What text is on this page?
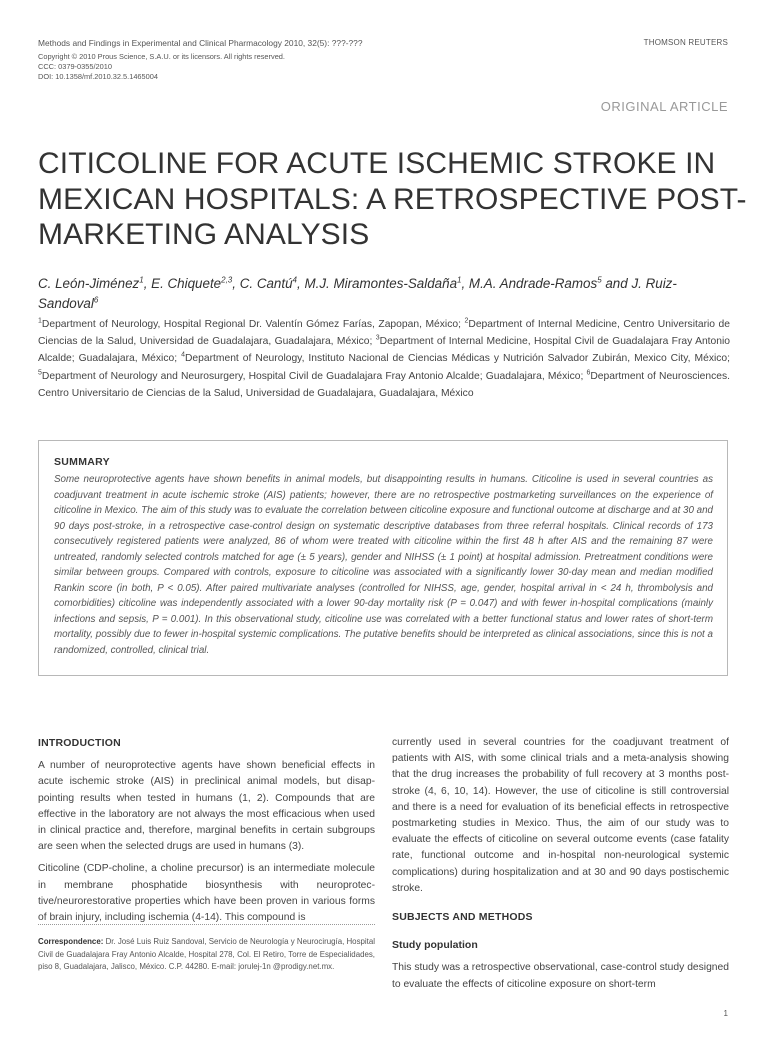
Methods and Findings in Experimental and Clinical Pharmacology 2010, 32(5): ???-???	THOMSON REUTERS
Copyright © 2010 Prous Science, S.A.U. or its licensors. All rights reserved.
CCC: 0379-0355/2010
DOI: 10.1358/mf.2010.32.5.1465004
ORIGINAL ARTICLE
CITICOLINE FOR ACUTE ISCHEMIC STROKE IN
MEXICAN HOSPITALS: A RETROSPECTIVE POST-
MARKETING ANALYSIS
C. León-Jiménez$^1$, E. Chiquete$^{2,3}$, C. Cantú$^4$, M.J. Miramontes-Saldaña$^1$, M.A. Andrade-Ramos$^5$ and J. Ruiz-Sandoval$^6$
$^1$Department of Neurology, Hospital Regional Dr. Valentín Gómez Farías, Zapopan, México; $^2$Department of Internal Medicine, Centro Universitario de Ciencias de la Salud, Universidad de Guadalajara, Guadalajara, México; $^3$Department of Internal Medicine, Hospital Civil de Guadalajara Fray Antonio Alcalde; Guadalajara, México; $^4$Department of Neurology, Instituto Nacional de Ciencias Médicas y Nutrición Salvador Zubirán, Mexico City, México; $^5$Department of Neurology and Neurosurgery, Hospital Civil de Guadalajara Fray Antonio Alcalde; Guadalajara, México; $^6$Department of Neurosciences. Centro Universitario de Ciencias de la Salud, Universidad de Guadalajara, Guadalajara, México
SUMMARY
Some neuroprotective agents have shown benefits in animal models, but disappointing results in humans. Citicoline is used in several countries as coadjuvant treatment in acute ischemic stroke (AIS) patients; however, there are no retrospective postmarketing surveillances on the experience of citicoline in Mexico. The aim of this study was to evaluate the correlation between citicoline exposure and functional outcome at discharge and at 30 and 90 days post-stroke, in a retrospective case-control design on systematic descriptive databases from three referral hospitals. Clinical records of 173 consecutively registered patients were analyzed, 86 of whom were treated with citicoline within the first 48 h after AIS and the remaining 87 were untreated, randomly selected controls matched for age (± 5 years), gender and NIHSS (± 1 point) at hospital admission. Pretreatment conditions were similar between groups. Compared with controls, exposure to citicoline was associated with a significantly lower 30-day mean and median modified Rankin score (in both, P < 0.05). After paired multivariate analyses (controlled for NIHSS, age, gender, hospital arrival in < 24 h, thrombolysis and comorbidities) citicoline was independently associated with a lower 90-day mortality risk (P = 0.047) and with fewer in-hospital complications (mainly infections and sepsis, P = 0.001). In this observational study, citicoline use was correlated with a better functional status and lower rates of short-term mortality, possibly due to fewer in-hospital systemic complications. The putative benefits should be interpreted as clinical associations, since this is not a randomized, controlled, clinical trial.
INTRODUCTION

A number of neuroprotective agents have shown beneficial effects in acute ischemic stroke (AIS) in preclinical animal models, but disappointing results when tested in humans (1, 2). Compounds that are effective in the laboratory are not always the most efficacious when used in clinical practice and, therefore, marginal benefits in certain subgroups are seen when the selected drugs are used in humans (3).

Citicoline (CDP-choline, a choline precursor) is an intermediate molecule in membrane phosphatide biosynthesis with neuroprotective/neurorestorative properties which have been proven in various forms of brain injury, including ischemia (4-14). This compound is

currently used in several countries for the coadjuvant treatment of patients with AIS, with some clinical trials and a meta-analysis showing that the drug increases the probability of full recovery at 3 months post-stroke (4, 6, 10, 14). However, the use of citicoline is still controversial and there is a need for evaluation of its beneficial effects in retrospective postmarketing studies in Mexico. Thus, the aim of our study was to evaluate the effects of citicoline on several outcome events (case fatality rate, functional outcome and in-hospital non-neurological systemic complications) during hospitalization and at 30 and 90 days postischemic stroke.

SUBJECTS AND METHODS
Study population

This study was a retrospective observational, case-control study designed to evaluate the effects of citicoline exposure on short-term

Correspondence: Dr. José Luis Ruiz Sandoval, Servicio de Neurología y Neurocirugía, Hospital Civil de Guadalajara Fray Antonio Alcalde, Hospital 278, Col. El Retiro, Torre de Especialidades, piso 8, Guadalajara, Jalisco, México. C.P. 44280. E-mail: jorulej-1n @prodigy.net.mx.
1
